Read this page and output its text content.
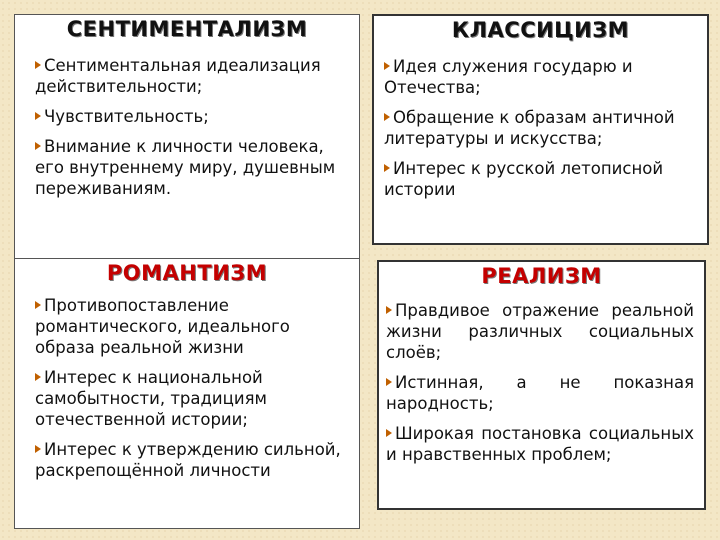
СЕНТИМЕНТАЛИЗМ
Сентиментальная идеализация действительности;
Чувствительность;
Внимание к личности человека, его внутреннему миру, душевным переживаниям.
КЛАССИЦИЗМ
Идея служения государю и Отечества;
Обращение к образам античной литературы и искусства;
Интерес к русской летописной истории
РОМАНТИЗМ
Противопоставление романтического, идеального образа реальной жизни
Интерес к национальной самобытности, традициям отечественной истории;
Интерес к утверждению сильной, раскрепощённой личности
РЕАЛИЗМ
Правдивое отражение реальной жизни различных социальных слоёв;
Истинная, а не показная народность;
Широкая постановка социальных и нравственных проблем;
